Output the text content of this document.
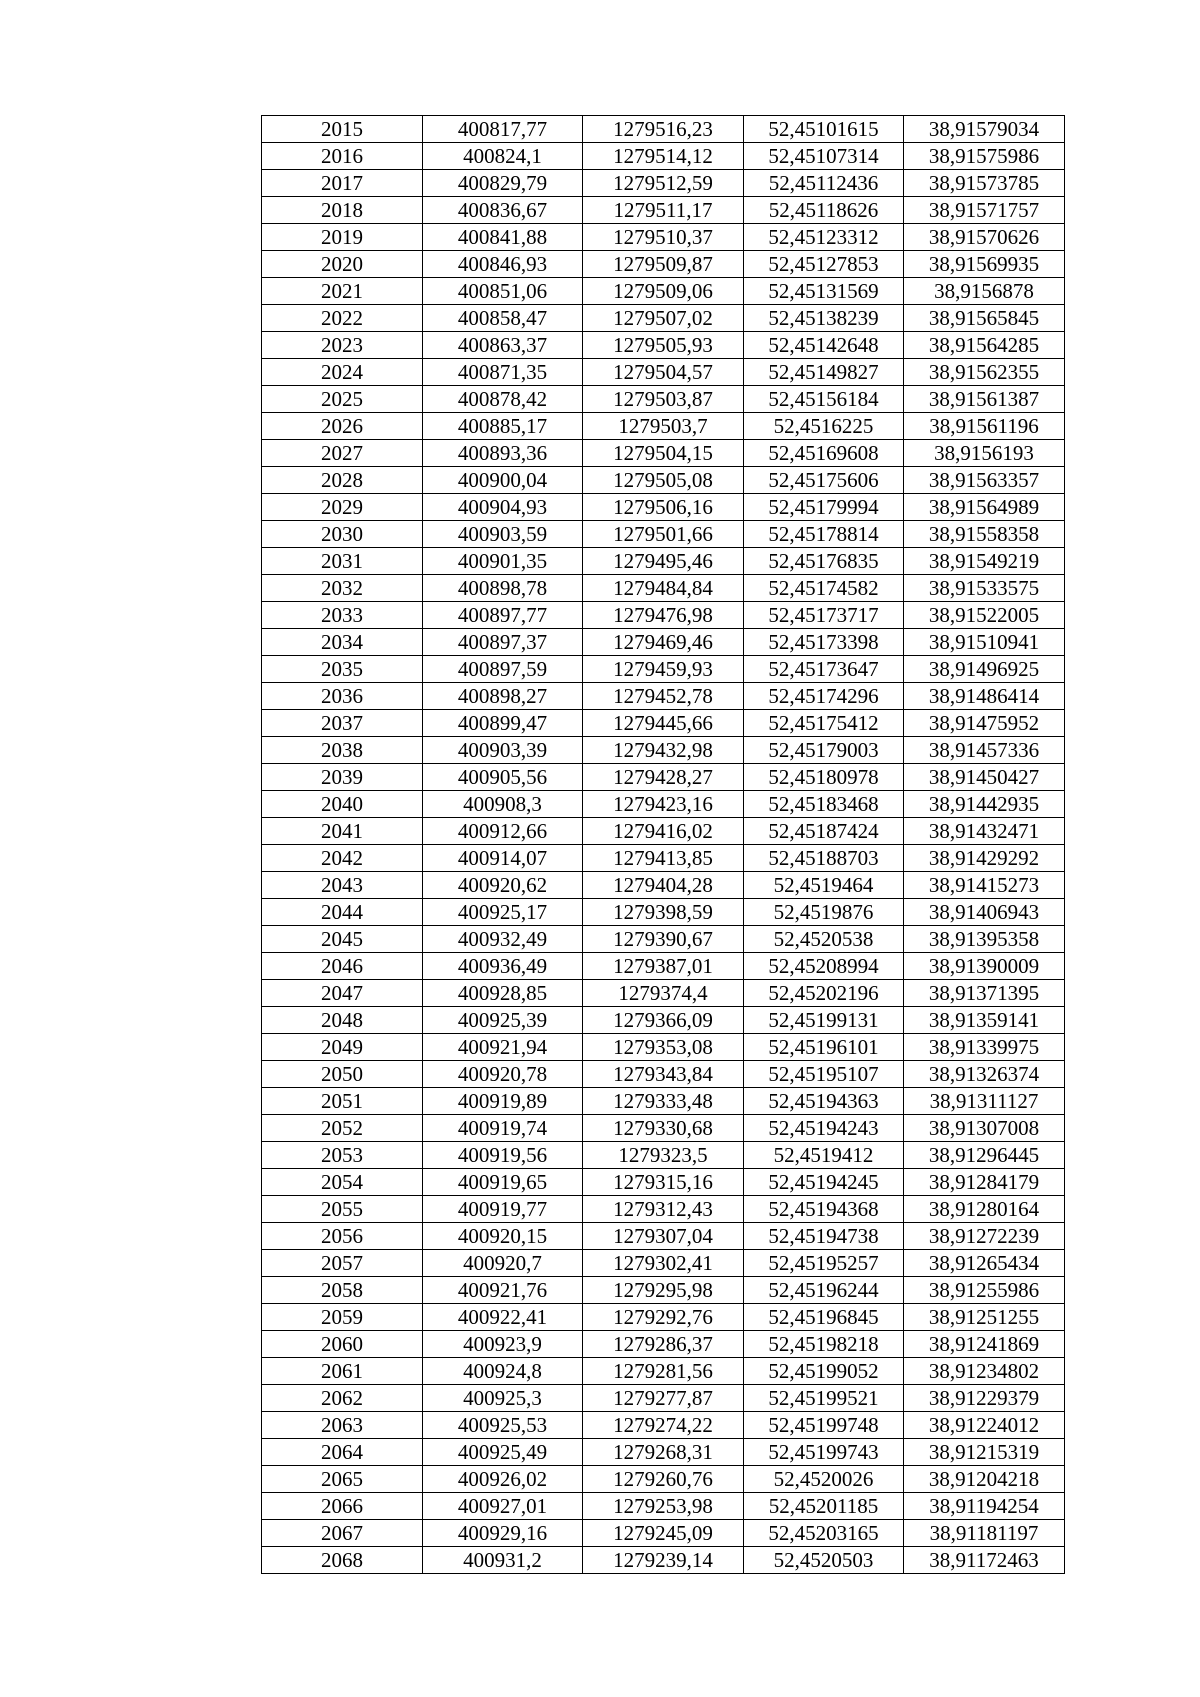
2015	400817,77	1279516,23	52,45101615	38,91579034
2016	400824,1	1279514,12	52,45107314	38,91575986
2017	400829,79	1279512,59	52,45112436	38,91573785
2018	400836,67	1279511,17	52,45118626	38,91571757
2019	400841,88	1279510,37	52,45123312	38,91570626
2020	400846,93	1279509,87	52,45127853	38,91569935
2021	400851,06	1279509,06	52,45131569	38,9156878
2022	400858,47	1279507,02	52,45138239	38,91565845
2023	400863,37	1279505,93	52,45142648	38,91564285
2024	400871,35	1279504,57	52,45149827	38,91562355
2025	400878,42	1279503,87	52,45156184	38,91561387
2026	400885,17	1279503,7	52,4516225	38,91561196
2027	400893,36	1279504,15	52,45169608	38,9156193
2028	400900,04	1279505,08	52,45175606	38,91563357
2029	400904,93	1279506,16	52,45179994	38,91564989
2030	400903,59	1279501,66	52,45178814	38,91558358
2031	400901,35	1279495,46	52,45176835	38,91549219
2032	400898,78	1279484,84	52,45174582	38,91533575
2033	400897,77	1279476,98	52,45173717	38,91522005
2034	400897,37	1279469,46	52,45173398	38,91510941
2035	400897,59	1279459,93	52,45173647	38,91496925
2036	400898,27	1279452,78	52,45174296	38,91486414
2037	400899,47	1279445,66	52,45175412	38,91475952
2038	400903,39	1279432,98	52,45179003	38,91457336
2039	400905,56	1279428,27	52,45180978	38,91450427
2040	400908,3	1279423,16	52,45183468	38,91442935
2041	400912,66	1279416,02	52,45187424	38,91432471
2042	400914,07	1279413,85	52,45188703	38,91429292
2043	400920,62	1279404,28	52,4519464	38,91415273
2044	400925,17	1279398,59	52,4519876	38,91406943
2045	400932,49	1279390,67	52,4520538	38,91395358
2046	400936,49	1279387,01	52,45208994	38,91390009
2047	400928,85	1279374,4	52,45202196	38,91371395
2048	400925,39	1279366,09	52,45199131	38,91359141
2049	400921,94	1279353,08	52,45196101	38,91339975
2050	400920,78	1279343,84	52,45195107	38,91326374
2051	400919,89	1279333,48	52,45194363	38,91311127
2052	400919,74	1279330,68	52,45194243	38,91307008
2053	400919,56	1279323,5	52,4519412	38,91296445
2054	400919,65	1279315,16	52,45194245	38,91284179
2055	400919,77	1279312,43	52,45194368	38,91280164
2056	400920,15	1279307,04	52,45194738	38,91272239
2057	400920,7	1279302,41	52,45195257	38,91265434
2058	400921,76	1279295,98	52,45196244	38,91255986
2059	400922,41	1279292,76	52,45196845	38,91251255
2060	400923,9	1279286,37	52,45198218	38,91241869
2061	400924,8	1279281,56	52,45199052	38,91234802
2062	400925,3	1279277,87	52,45199521	38,91229379
2063	400925,53	1279274,22	52,45199748	38,91224012
2064	400925,49	1279268,31	52,45199743	38,91215319
2065	400926,02	1279260,76	52,4520026	38,91204218
2066	400927,01	1279253,98	52,45201185	38,91194254
2067	400929,16	1279245,09	52,45203165	38,91181197
2068	400931,2	1279239,14	52,4520503	38,91172463
